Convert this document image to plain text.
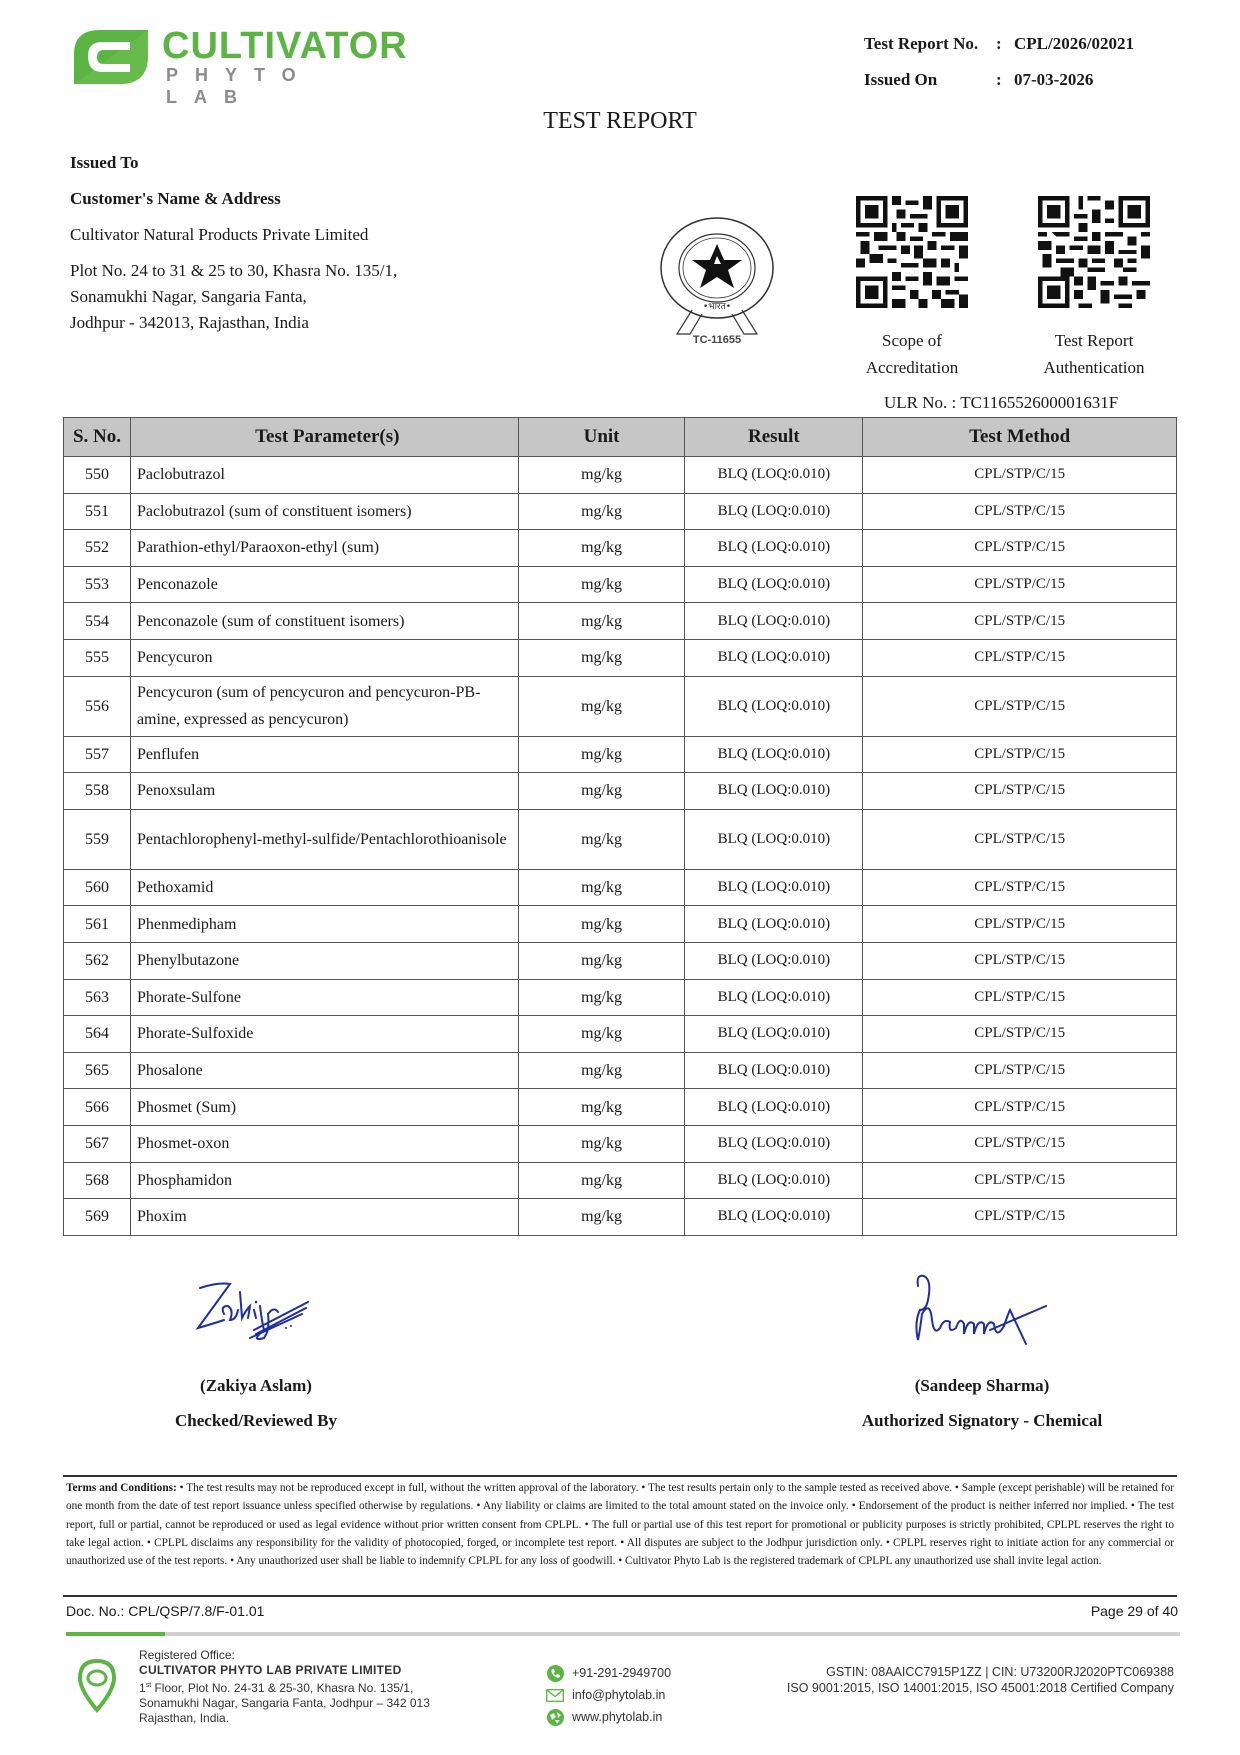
CULTIVATOR
PHYTO LAB
Test Report No.	: CPL/2026/02021
Issued On	: 07-03-2026
TEST REPORT
Issued To
Customer's Name & Address
Cultivator Natural Products Private Limited
Plot No. 24 to 31 & 25 to 30, Khasra No. 135/1,
Sonamukhi Nagar, Sangaria Fanta,
Jodhpur - 342013, Rajasthan, India
•भारत•
TC-11655	Scope of
Accreditation
Test Report
Authentication
ULR No. : TC116552600001631F
S. No.	Test Parameter(s)	Unit	Result	Test Method
550	Paclobutrazol	mg/kg	BLQ (LOQ:0.010)	CPL/STP/C/15
551	Paclobutrazol (sum of constituent isomers)	mg/kg	BLQ (LOQ:0.010)	CPL/STP/C/15
552	Parathion-ethyl/Paraoxon-ethyl (sum)	mg/kg	BLQ (LOQ:0.010)	CPL/STP/C/15
553	Penconazole	mg/kg	BLQ (LOQ:0.010)	CPL/STP/C/15
554	Penconazole (sum of constituent isomers)	mg/kg	BLQ (LOQ:0.010)	CPL/STP/C/15
555	Pencycuron	mg/kg	BLQ (LOQ:0.010)	CPL/STP/C/15
556	Pencycuron (sum of pencycuron and pencycuron-PB-amine, expressed as pencycuron)	mg/kg	BLQ (LOQ:0.010)	CPL/STP/C/15
557	Penflufen	mg/kg	BLQ (LOQ:0.010)	CPL/STP/C/15
558	Penoxsulam	mg/kg	BLQ (LOQ:0.010)	CPL/STP/C/15
559	Pentachlorophenyl-methyl-sulfide/Pentachlorothioanisole	mg/kg	BLQ (LOQ:0.010)	CPL/STP/C/15
560	Pethoxamid	mg/kg	BLQ (LOQ:0.010)	CPL/STP/C/15
561	Phenmedipham	mg/kg	BLQ (LOQ:0.010)	CPL/STP/C/15
562	Phenylbutazone	mg/kg	BLQ (LOQ:0.010)	CPL/STP/C/15
563	Phorate-Sulfone	mg/kg	BLQ (LOQ:0.010)	CPL/STP/C/15
564	Phorate-Sulfoxide	mg/kg	BLQ (LOQ:0.010)	CPL/STP/C/15
565	Phosalone	mg/kg	BLQ (LOQ:0.010)	CPL/STP/C/15
566	Phosmet (Sum)	mg/kg	BLQ (LOQ:0.010)	CPL/STP/C/15
567	Phosmet-oxon	mg/kg	BLQ (LOQ:0.010)	CPL/STP/C/15
568	Phosphamidon	mg/kg	BLQ (LOQ:0.010)	CPL/STP/C/15
569	Phoxim	mg/kg	BLQ (LOQ:0.010)	CPL/STP/C/15
(Zakiya Aslam)
Checked/Reviewed By
(Sandeep Sharma)
Authorized Signatory - Chemical
Terms and Conditions: • The test results may not be reproduced except in full, without the written approval of the laboratory. • The test results pertain only to the sample tested as received above. • Sample (except perishable) will be retained for one month from the date of test report issuance unless specified otherwise by regulations. • Any liability or claims are limited to the total amount stated on the invoice only. • Endorsement of the product is neither inferred nor implied. • The test report, full or partial, cannot be reproduced or used as legal evidence without prior written consent from CPLPL. • The full or partial use of this test report for promotional or publicity purposes is strictly prohibited, CPLPL reserves the right to take legal action. • CPLPL disclaims any responsibility for the validity of photocopied, forged, or incomplete test report. • All disputes are subject to the Jodhpur jurisdiction only. • CPLPL reserves right to initiate action for any commercial or unauthorized use of the test reports. • Any unauthorized user shall be liable to indemnify CPLPL for any loss of goodwill. • Cultivator Phyto Lab is the registered trademark of CPLPL any unauthorized use shall invite legal action.
Doc. No.: CPL/QSP/7.8/F-01.01	Page 29 of 40
Registered Office:
CULTIVATOR PHYTO LAB PRIVATE LIMITED
1st Floor, Plot No. 24-31 & 25-30, Khasra No. 135/1,
Sonamukhi Nagar, Sangaria Fanta, Jodhpur – 342 013
Rajasthan, India.
+91-291-2949700
info@phytolab.in
www.phytolab.in
GSTIN: 08AAICC7915P1ZZ | CIN: U73200RJ2020PTC069388
ISO 9001:2015, ISO 14001:2015, ISO 45001:2018 Certified Company
